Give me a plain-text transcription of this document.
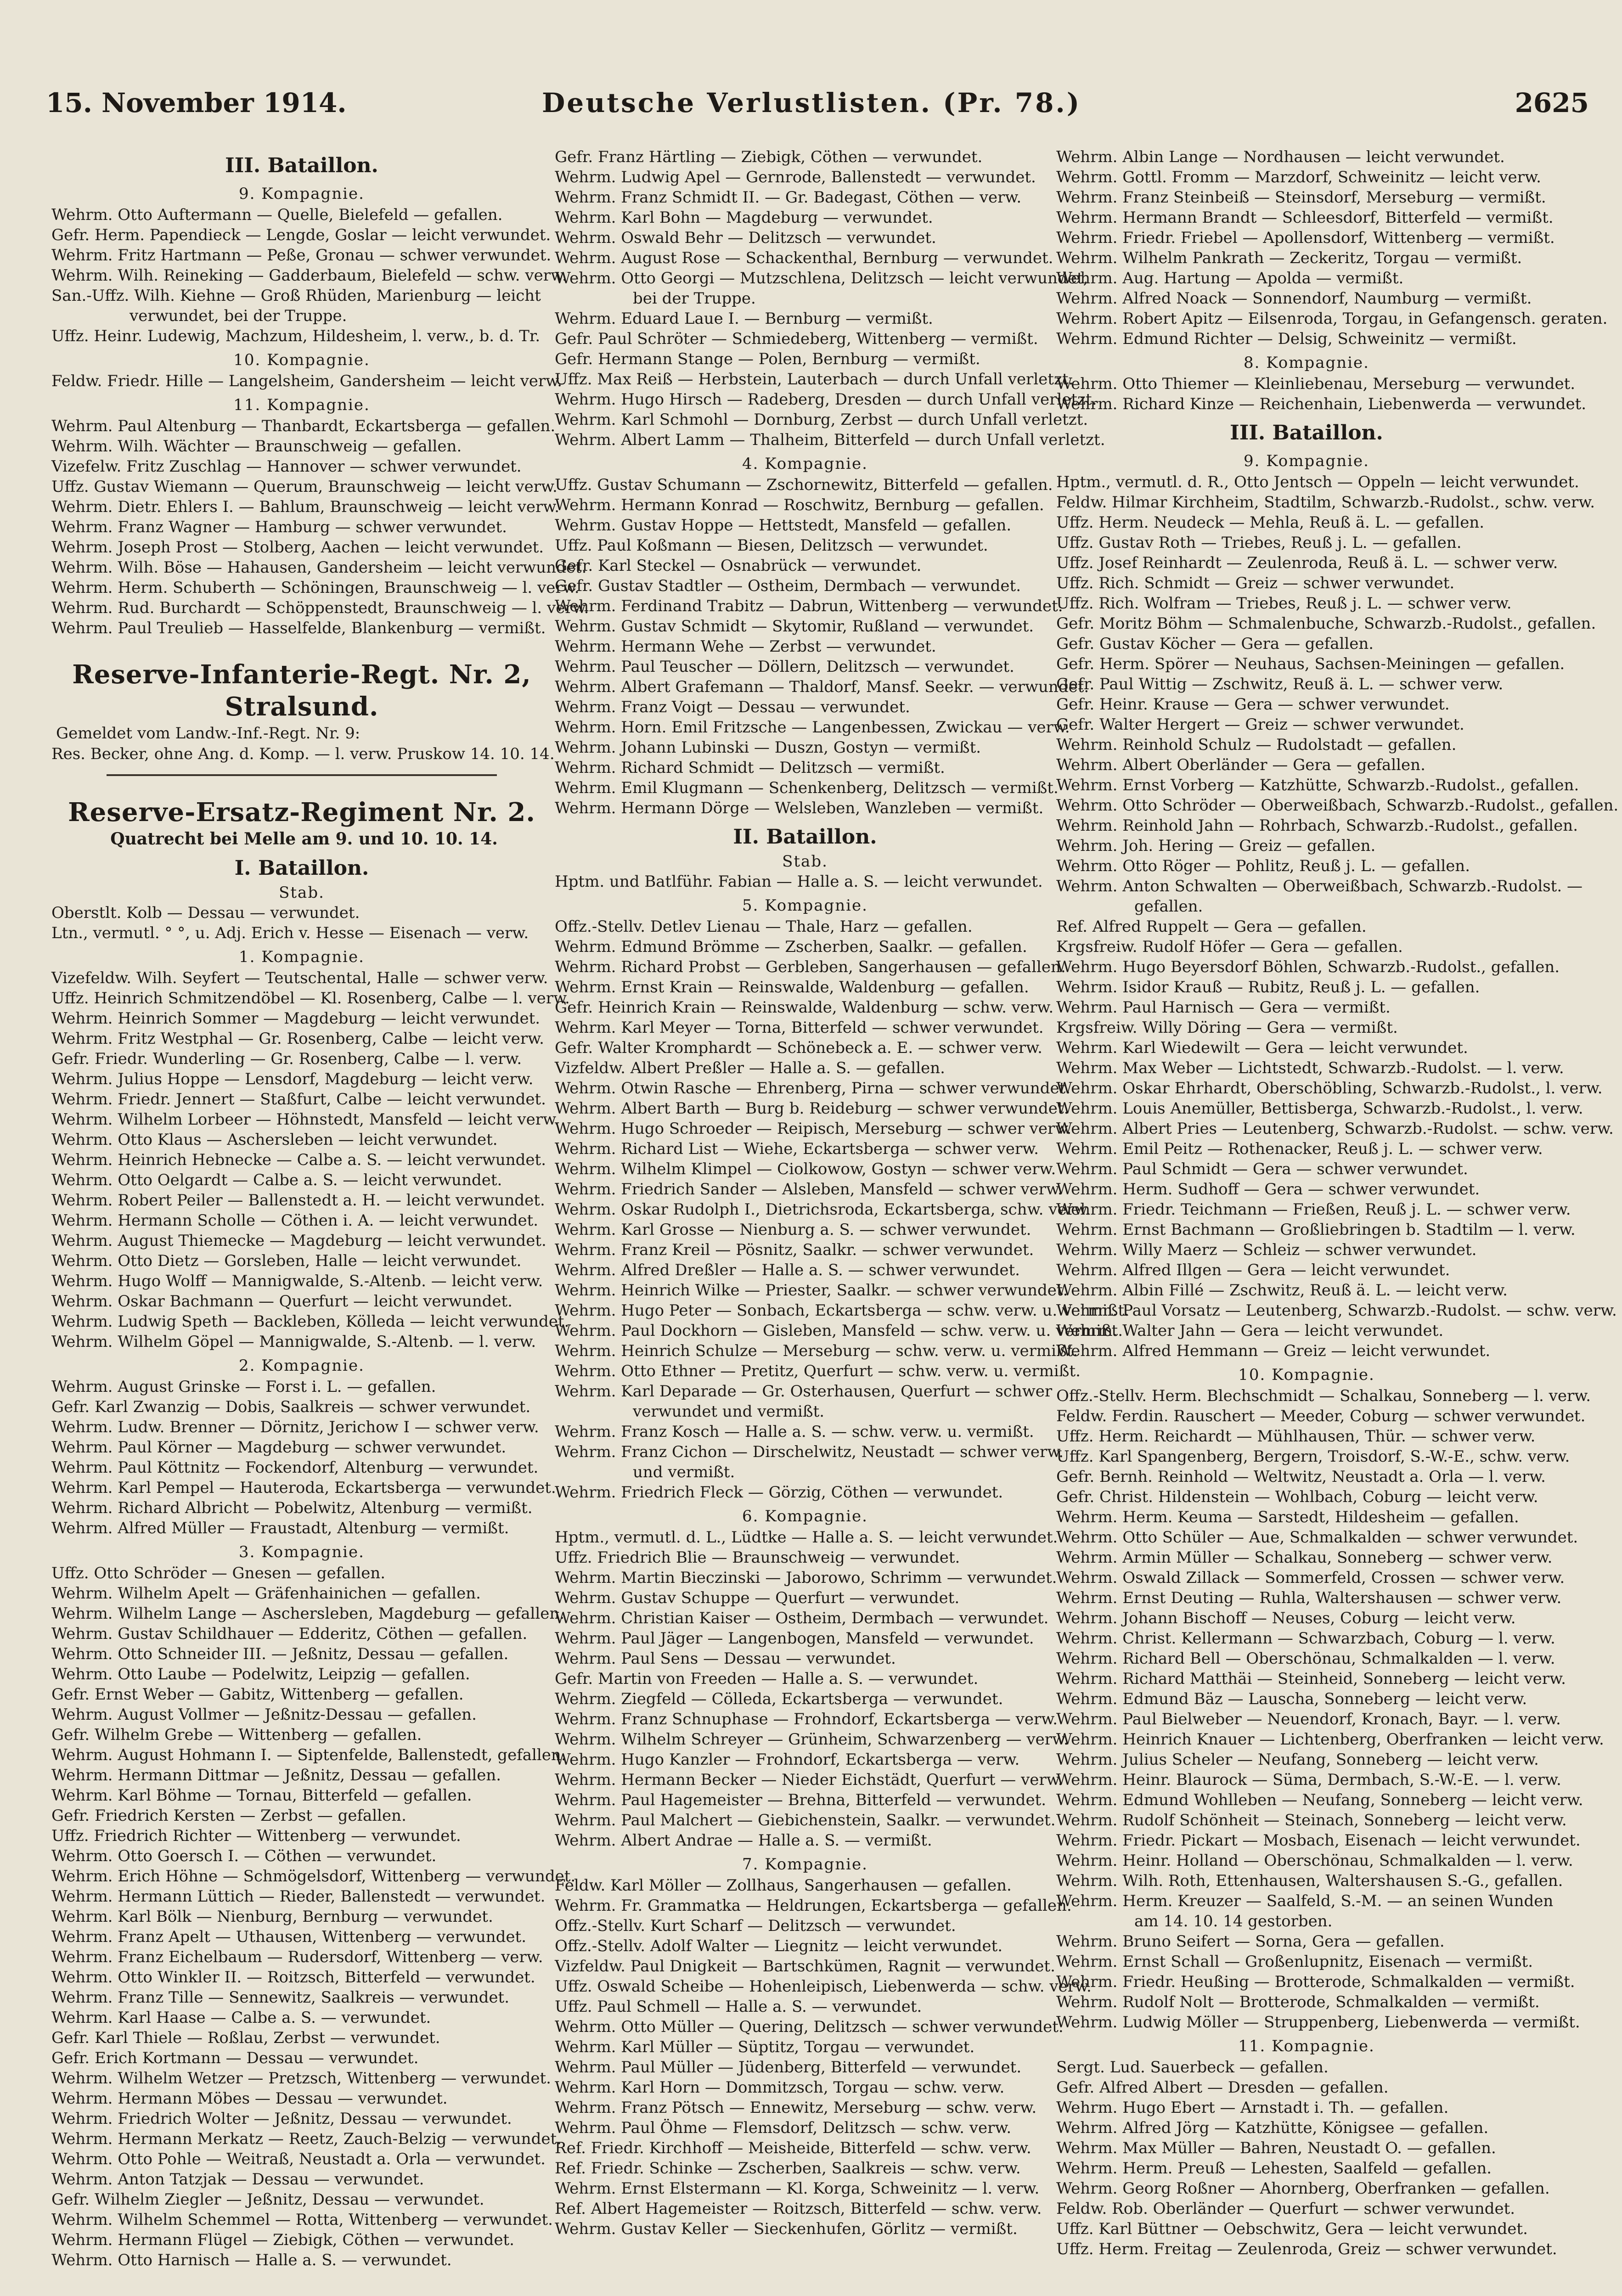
15. November 1914.	Deutsche Verlustlisten. (Pr. 78.)	2625
III. Bataillon.
9. Kompagnie.
Wehrm. Otto Auftermann — Quelle, Bielefeld — gefallen.
Gefr. Herm. Papendieck — Lengde, Goslar — leicht verwundet.
Wehrm. Fritz Hartmann — Peße, Gronau — schwer verwundet.
Wehrm. Wilh. Reineking — Gadderbaum, Bielefeld — schw. verw.
San.-Uffz. Wilh. Kiehne — Groß Rhüden, Marienburg — leicht
verwundet, bei der Truppe.
Uffz. Heinr. Ludewig, Machzum, Hildesheim, l. verw., b. d. Tr.
10. Kompagnie.
Feldw. Friedr. Hille — Langelsheim, Gandersheim — leicht verw.
11. Kompagnie.
Wehrm. Paul Altenburg — Thanbardt, Eckartsberga — gefallen.
Wehrm. Wilh. Wächter — Braunschweig — gefallen.
Vizefelw. Fritz Zuschlag — Hannover — schwer verwundet.
Uffz. Gustav Wiemann — Querum, Braunschweig — leicht verw.
Wehrm. Dietr. Ehlers I. — Bahlum, Braunschweig — leicht verw.
Wehrm. Franz Wagner — Hamburg — schwer verwundet.
Wehrm. Joseph Prost — Stolberg, Aachen — leicht verwundet.
Wehrm. Wilh. Böse — Hahausen, Gandersheim — leicht verwundet.
Wehrm. Herm. Schuberth — Schöningen, Braunschweig — l. verw.
Wehrm. Rud. Burchardt — Schöppenstedt, Braunschweig — l. verw.
Wehrm. Paul Treulieb — Hasselfelde, Blankenburg — vermißt.
Reserve-Infanterie-Regt. Nr. 2, Stralsund.
Gemeldet vom Landw.-Inf.-Regt. Nr. 9:
Res. Becker, ohne Ang. d. Komp. — l. verw. Pruskow 14. 10. 14.
Reserve-Ersatz-Regiment Nr. 2.
Quatrecht bei Melle am 9. und 10. 10. 14.
I. Bataillon.
Stab.
Oberstlt. Kolb — Dessau — verwundet.
Ltn., vermutl. ° °, u. Adj. Erich v. Hesse — Eisenach — verw.
1. Kompagnie.
Vizefeldw. Wilh. Seyfert — Teutschental, Halle — schwer verw.
Uffz. Heinrich Schmitzendöbel — Kl. Rosenberg, Calbe — l. verw.
Wehrm. Heinrich Sommer — Magdeburg — leicht verwundet.
Wehrm. Fritz Westphal — Gr. Rosenberg, Calbe — leicht verw.
Gefr. Friedr. Wunderling — Gr. Rosenberg, Calbe — l. verw.
Wehrm. Julius Hoppe — Lensdorf, Magdeburg — leicht verw.
Wehrm. Friedr. Jennert — Staßfurt, Calbe — leicht verwundet.
Wehrm. Wilhelm Lorbeer — Höhnstedt, Mansfeld — leicht verw.
Wehrm. Otto Klaus — Aschersleben — leicht verwundet.
Wehrm. Heinrich Hebnecke — Calbe a. S. — leicht verwundet.
Wehrm. Otto Oelgardt — Calbe a. S. — leicht verwundet.
Wehrm. Robert Peiler — Ballenstedt a. H. — leicht verwundet.
Wehrm. Hermann Scholle — Cöthen i. A. — leicht verwundet.
Wehrm. August Thiemecke — Magdeburg — leicht verwundet.
Wehrm. Otto Dietz — Gorsleben, Halle — leicht verwundet.
Wehrm. Hugo Wolff — Mannigwalde, S.-Altenb. — leicht verw.
Wehrm. Oskar Bachmann — Querfurt — leicht verwundet.
Wehrm. Ludwig Speth — Backleben, Kölleda — leicht verwundet.
Wehrm. Wilhelm Göpel — Mannigwalde, S.-Altenb. — l. verw.
2. Kompagnie.
Wehrm. August Grinske — Forst i. L. — gefallen.
Gefr. Karl Zwanzig — Dobis, Saalkreis — schwer verwundet.
Wehrm. Ludw. Brenner — Dörnitz, Jerichow I — schwer verw.
Wehrm. Paul Körner — Magdeburg — schwer verwundet.
Wehrm. Paul Köttnitz — Fockendorf, Altenburg — verwundet.
Wehrm. Karl Pempel — Hauteroda, Eckartsberga — verwundet.
Wehrm. Richard Albricht — Pobelwitz, Altenburg — vermißt.
Wehrm. Alfred Müller — Fraustadt, Altenburg — vermißt.
3. Kompagnie.
Uffz. Otto Schröder — Gnesen — gefallen.
Wehrm. Wilhelm Apelt — Gräfenhainichen — gefallen.
Wehrm. Wilhelm Lange — Aschersleben, Magdeburg — gefallen.
Wehrm. Gustav Schildhauer — Edderitz, Cöthen — gefallen.
Wehrm. Otto Schneider III. — Jeßnitz, Dessau — gefallen.
Wehrm. Otto Laube — Podelwitz, Leipzig — gefallen.
Gefr. Ernst Weber — Gabitz, Wittenberg — gefallen.
Wehrm. August Vollmer — Jeßnitz-Dessau — gefallen.
Gefr. Wilhelm Grebe — Wittenberg — gefallen.
Wehrm. August Hohmann I. — Siptenfelde, Ballenstedt, gefallen.
Wehrm. Hermann Dittmar — Jeßnitz, Dessau — gefallen.
Wehrm. Karl Böhme — Tornau, Bitterfeld — gefallen.
Gefr. Friedrich Kersten — Zerbst — gefallen.
Uffz. Friedrich Richter — Wittenberg — verwundet.
Wehrm. Otto Goersch I. — Cöthen — verwundet.
Wehrm. Erich Höhne — Schmögelsdorf, Wittenberg — verwundet.
Wehrm. Hermann Lüttich — Rieder, Ballenstedt — verwundet.
Wehrm. Karl Bölk — Nienburg, Bernburg — verwundet.
Wehrm. Franz Apelt — Uthausen, Wittenberg — verwundet.
Wehrm. Franz Eichelbaum — Rudersdorf, Wittenberg — verw.
Wehrm. Otto Winkler II. — Roitzsch, Bitterfeld — verwundet.
Wehrm. Franz Tille — Sennewitz, Saalkreis — verwundet.
Wehrm. Karl Haase — Calbe a. S. — verwundet.
Gefr. Karl Thiele — Roßlau, Zerbst — verwundet.
Gefr. Erich Kortmann — Dessau — verwundet.
Wehrm. Wilhelm Wetzer — Pretzsch, Wittenberg — verwundet.
Wehrm. Hermann Möbes — Dessau — verwundet.
Wehrm. Friedrich Wolter — Jeßnitz, Dessau — verwundet.
Wehrm. Hermann Merkatz — Reetz, Zauch-Belzig — verwundet.
Wehrm. Otto Pohle — Weitraß, Neustadt a. Orla — verwundet.
Wehrm. Anton Tatzjak — Dessau — verwundet.
Gefr. Wilhelm Ziegler — Jeßnitz, Dessau — verwundet.
Wehrm. Wilhelm Schemmel — Rotta, Wittenberg — verwundet.
Wehrm. Hermann Flügel — Ziebigk, Cöthen — verwundet.
Wehrm. Otto Harnisch — Halle a. S. — verwundet.
Gefr. Franz Härtling — Ziebigk, Cöthen — verwundet.
Wehrm. Ludwig Apel — Gernrode, Ballenstedt — verwundet.
Wehrm. Franz Schmidt II. — Gr. Badegast, Cöthen — verw.
Wehrm. Karl Bohn — Magdeburg — verwundet.
Wehrm. Oswald Behr — Delitzsch — verwundet.
Wehrm. August Rose — Schackenthal, Bernburg — verwundet.
Wehrm. Otto Georgi — Mutzschlena, Delitzsch — leicht verwundet,
bei der Truppe.
Wehrm. Eduard Laue I. — Bernburg — vermißt.
Gefr. Paul Schröter — Schmiedeberg, Wittenberg — vermißt.
Gefr. Hermann Stange — Polen, Bernburg — vermißt.
Uffz. Max Reiß — Herbstein, Lauterbach — durch Unfall verletzt.
Wehrm. Hugo Hirsch — Radeberg, Dresden — durch Unfall verletzt.
Wehrm. Karl Schmohl — Dornburg, Zerbst — durch Unfall verletzt.
Wehrm. Albert Lamm — Thalheim, Bitterfeld — durch Unfall verletzt.
4. Kompagnie.
Uffz. Gustav Schumann — Zschornewitz, Bitterfeld — gefallen.
Wehrm. Hermann Konrad — Roschwitz, Bernburg — gefallen.
Wehrm. Gustav Hoppe — Hettstedt, Mansfeld — gefallen.
Uffz. Paul Koßmann — Biesen, Delitzsch — verwundet.
Gefr. Karl Steckel — Osnabrück — verwundet.
Gefr. Gustav Stadtler — Ostheim, Dermbach — verwundet.
Wehrm. Ferdinand Trabitz — Dabrun, Wittenberg — verwundet.
Wehrm. Gustav Schmidt — Skytomir, Rußland — verwundet.
Wehrm. Hermann Wehe — Zerbst — verwundet.
Wehrm. Paul Teuscher — Döllern, Delitzsch — verwundet.
Wehrm. Albert Grafemann — Thaldorf, Mansf. Seekr. — verwundet.
Wehrm. Franz Voigt — Dessau — verwundet.
Wehrm. Horn. Emil Fritzsche — Langenbessen, Zwickau — verw.
Wehrm. Johann Lubinski — Duszn, Gostyn — vermißt.
Wehrm. Richard Schmidt — Delitzsch — vermißt.
Wehrm. Emil Klugmann — Schenkenberg, Delitzsch — vermißt.
Wehrm. Hermann Dörge — Welsleben, Wanzleben — vermißt.
II. Bataillon.
Stab.
Hptm. und Batlführ. Fabian — Halle a. S. — leicht verwundet.
5. Kompagnie.
Offz.-Stellv. Detlev Lienau — Thale, Harz — gefallen.
Wehrm. Edmund Brömme — Zscherben, Saalkr. — gefallen.
Wehrm. Richard Probst — Gerbleben, Sangerhausen — gefallen.
Wehrm. Ernst Krain — Reinswalde, Waldenburg — gefallen.
Gefr. Heinrich Krain — Reinswalde, Waldenburg — schw. verw.
Wehrm. Karl Meyer — Torna, Bitterfeld — schwer verwundet.
Gefr. Walter Kromphardt — Schönebeck a. E. — schwer verw.
Vizfeldw. Albert Preßler — Halle a. S. — gefallen.
Wehrm. Otwin Rasche — Ehrenberg, Pirna — schwer verwundet.
Wehrm. Albert Barth — Burg b. Reideburg — schwer verwundet.
Wehrm. Hugo Schroeder — Reipisch, Merseburg — schwer verw.
Wehrm. Richard List — Wiehe, Eckartsberga — schwer verw.
Wehrm. Wilhelm Klimpel — Ciolkowow, Gostyn — schwer verw.
Wehrm. Friedrich Sander — Alsleben, Mansfeld — schwer verw.
Wehrm. Oskar Rudolph I., Dietrichsroda, Eckartsberga, schw. verw.
Wehrm. Karl Grosse — Nienburg a. S. — schwer verwundet.
Wehrm. Franz Kreil — Pösnitz, Saalkr. — schwer verwundet.
Wehrm. Alfred Dreßler — Halle a. S. — schwer verwundet.
Wehrm. Heinrich Wilke — Priester, Saalkr. — schwer verwundet.
Wehrm. Hugo Peter — Sonbach, Eckartsberga — schw. verw. u. vermißt.
Wehrm. Paul Dockhorn — Gisleben, Mansfeld — schw. verw. u. vermißt.
Wehrm. Heinrich Schulze — Merseburg — schw. verw. u. vermißt.
Wehrm. Otto Ethner — Pretitz, Querfurt — schw. verw. u. vermißt.
Wehrm. Karl Deparade — Gr. Osterhausen, Querfurt — schwer
verwundet und vermißt.
Wehrm. Franz Kosch — Halle a. S. — schw. verw. u. vermißt.
Wehrm. Franz Cichon — Dirschelwitz, Neustadt — schwer verw.
und vermißt.
Wehrm. Friedrich Fleck — Görzig, Cöthen — verwundet.
6. Kompagnie.
Hptm., vermutl. d. L., Lüdtke — Halle a. S. — leicht verwundet.
Uffz. Friedrich Blie — Braunschweig — verwundet.
Wehrm. Martin Bieczinski — Jaborowo, Schrimm — verwundet.
Wehrm. Gustav Schuppe — Querfurt — verwundet.
Wehrm. Christian Kaiser — Ostheim, Dermbach — verwundet.
Wehrm. Paul Jäger — Langenbogen, Mansfeld — verwundet.
Wehrm. Paul Sens — Dessau — verwundet.
Gefr. Martin von Freeden — Halle a. S. — verwundet.
Wehrm. Ziegfeld — Cölleda, Eckartsberga — verwundet.
Wehrm. Franz Schnuphase — Frohndorf, Eckartsberga — verw.
Wehrm. Wilhelm Schreyer — Grünheim, Schwarzenberg — verw.
Wehrm. Hugo Kanzler — Frohndorf, Eckartsberga — verw.
Wehrm. Hermann Becker — Nieder Eichstädt, Querfurt — verw.
Wehrm. Paul Hagemeister — Brehna, Bitterfeld — verwundet.
Wehrm. Paul Malchert — Giebichenstein, Saalkr. — verwundet.
Wehrm. Albert Andrae — Halle a. S. — vermißt.
7. Kompagnie.
Feldw. Karl Möller — Zollhaus, Sangerhausen — gefallen.
Wehrm. Fr. Grammatka — Heldrungen, Eckartsberga — gefallen.
Offz.-Stellv. Kurt Scharf — Delitzsch — verwundet.
Offz.-Stellv. Adolf Walter — Liegnitz — leicht verwundet.
Vizfeldw. Paul Dnigkeit — Bartschkümen, Ragnit — verwundet.
Uffz. Oswald Scheibe — Hohenleipisch, Liebenwerda — schw. verw.
Uffz. Paul Schmell — Halle a. S. — verwundet.
Wehrm. Otto Müller — Quering, Delitzsch — schwer verwundet.
Wehrm. Karl Müller — Süptitz, Torgau — verwundet.
Wehrm. Paul Müller — Jüdenberg, Bitterfeld — verwundet.
Wehrm. Karl Horn — Dommitzsch, Torgau — schw. verw.
Wehrm. Franz Pötsch — Ennewitz, Merseburg — schw. verw.
Wehrm. Paul Öhme — Flemsdorf, Delitzsch — schw. verw.
Ref. Friedr. Kirchhoff — Meisheide, Bitterfeld — schw. verw.
Ref. Friedr. Schinke — Zscherben, Saalkreis — schw. verw.
Wehrm. Ernst Elstermann — Kl. Korga, Schweinitz — l. verw.
Ref. Albert Hagemeister — Roitzsch, Bitterfeld — schw. verw.
Wehrm. Gustav Keller — Sieckenhufen, Görlitz — vermißt.
Wehrm. Albin Lange — Nordhausen — leicht verwundet.
Wehrm. Gottl. Fromm — Marzdorf, Schweinitz — leicht verw.
Wehrm. Franz Steinbeiß — Steinsdorf, Merseburg — vermißt.
Wehrm. Hermann Brandt — Schleesdorf, Bitterfeld — vermißt.
Wehrm. Friedr. Friebel — Apollensdorf, Wittenberg — vermißt.
Wehrm. Wilhelm Pankrath — Zeckeritz, Torgau — vermißt.
Wehrm. Aug. Hartung — Apolda — vermißt.
Wehrm. Alfred Noack — Sonnendorf, Naumburg — vermißt.
Wehrm. Robert Apitz — Eilsenroda, Torgau, in Gefangensch. geraten.
Wehrm. Edmund Richter — Delsig, Schweinitz — vermißt.
8. Kompagnie.
Wehrm. Otto Thiemer — Kleinliebenau, Merseburg — verwundet.
Wehrm. Richard Kinze — Reichenhain, Liebenwerda — verwundet.
III. Bataillon.
9. Kompagnie.
Hptm., vermutl. d. R., Otto Jentsch — Oppeln — leicht verwundet.
Feldw. Hilmar Kirchheim, Stadtilm, Schwarzb.-Rudolst., schw. verw.
Uffz. Herm. Neudeck — Mehla, Reuß ä. L. — gefallen.
Uffz. Gustav Roth — Triebes, Reuß j. L. — gefallen.
Uffz. Josef Reinhardt — Zeulenroda, Reuß ä. L. — schwer verw.
Uffz. Rich. Schmidt — Greiz — schwer verwundet.
Uffz. Rich. Wolfram — Triebes, Reuß j. L. — schwer verw.
Gefr. Moritz Böhm — Schmalenbuche, Schwarzb.-Rudolst., gefallen.
Gefr. Gustav Köcher — Gera — gefallen.
Gefr. Herm. Spörer — Neuhaus, Sachsen-Meiningen — gefallen.
Gefr. Paul Wittig — Zschwitz, Reuß ä. L. — schwer verw.
Gefr. Heinr. Krause — Gera — schwer verwundet.
Gefr. Walter Hergert — Greiz — schwer verwundet.
Wehrm. Reinhold Schulz — Rudolstadt — gefallen.
Wehrm. Albert Oberländer — Gera — gefallen.
Wehrm. Ernst Vorberg — Katzhütte, Schwarzb.-Rudolst., gefallen.
Wehrm. Otto Schröder — Oberweißbach, Schwarzb.-Rudolst., gefallen.
Wehrm. Reinhold Jahn — Rohrbach, Schwarzb.-Rudolst., gefallen.
Wehrm. Joh. Hering — Greiz — gefallen.
Wehrm. Otto Röger — Pohlitz, Reuß j. L. — gefallen.
Wehrm. Anton Schwalten — Oberweißbach, Schwarzb.-Rudolst. —
gefallen.
Ref. Alfred Ruppelt — Gera — gefallen.
Krgsfreiw. Rudolf Höfer — Gera — gefallen.
Wehrm. Hugo Beyersdorf Böhlen, Schwarzb.-Rudolst., gefallen.
Wehrm. Isidor Krauß — Rubitz, Reuß j. L. — gefallen.
Wehrm. Paul Harnisch — Gera — vermißt.
Krgsfreiw. Willy Döring — Gera — vermißt.
Wehrm. Karl Wiedewilt — Gera — leicht verwundet.
Wehrm. Max Weber — Lichtstedt, Schwarzb.-Rudolst. — l. verw.
Wehrm. Oskar Ehrhardt, Oberschöbling, Schwarzb.-Rudolst., l. verw.
Wehrm. Louis Anemüller, Bettisberga, Schwarzb.-Rudolst., l. verw.
Wehrm. Albert Pries — Leutenberg, Schwarzb.-Rudolst. — schw. verw.
Wehrm. Emil Peitz — Rothenacker, Reuß j. L. — schwer verw.
Wehrm. Paul Schmidt — Gera — schwer verwundet.
Wehrm. Herm. Sudhoff — Gera — schwer verwundet.
Wehrm. Friedr. Teichmann — Frießen, Reuß j. L. — schwer verw.
Wehrm. Ernst Bachmann — Großliebringen b. Stadtilm — l. verw.
Wehrm. Willy Maerz — Schleiz — schwer verwundet.
Wehrm. Alfred Illgen — Gera — leicht verwundet.
Wehrm. Albin Fillé — Zschwitz, Reuß ä. L. — leicht verw.
Wehrm. Paul Vorsatz — Leutenberg, Schwarzb.-Rudolst. — schw. verw.
Wehrm. Walter Jahn — Gera — leicht verwundet.
Wehrm. Alfred Hemmann — Greiz — leicht verwundet.
10. Kompagnie.
Offz.-Stellv. Herm. Blechschmidt — Schalkau, Sonneberg — l. verw.
Feldw. Ferdin. Rauschert — Meeder, Coburg — schwer verwundet.
Uffz. Herm. Reichardt — Mühlhausen, Thür. — schwer verw.
Uffz. Karl Spangenberg, Bergern, Troisdorf, S.-W.-E., schw. verw.
Gefr. Bernh. Reinhold — Weltwitz, Neustadt a. Orla — l. verw.
Gefr. Christ. Hildenstein — Wohlbach, Coburg — leicht verw.
Wehrm. Herm. Keuma — Sarstedt, Hildesheim — gefallen.
Wehrm. Otto Schüler — Aue, Schmalkalden — schwer verwundet.
Wehrm. Armin Müller — Schalkau, Sonneberg — schwer verw.
Wehrm. Oswald Zillack — Sommerfeld, Crossen — schwer verw.
Wehrm. Ernst Deuting — Ruhla, Waltershausen — schwer verw.
Wehrm. Johann Bischoff — Neuses, Coburg — leicht verw.
Wehrm. Christ. Kellermann — Schwarzbach, Coburg — l. verw.
Wehrm. Richard Bell — Oberschönau, Schmalkalden — l. verw.
Wehrm. Richard Matthäi — Steinheid, Sonneberg — leicht verw.
Wehrm. Edmund Bäz — Lauscha, Sonneberg — leicht verw.
Wehrm. Paul Bielweber — Neuendorf, Kronach, Bayr. — l. verw.
Wehrm. Heinrich Knauer — Lichtenberg, Oberfranken — leicht verw.
Wehrm. Julius Scheler — Neufang, Sonneberg — leicht verw.
Wehrm. Heinr. Blaurock — Sümа, Dermbach, S.-W.-E. — l. verw.
Wehrm. Edmund Wohlleben — Neufang, Sonneberg — leicht verw.
Wehrm. Rudolf Schönheit — Steinach, Sonneberg — leicht verw.
Wehrm. Friedr. Pickart — Mosbach, Eisenach — leicht verwundet.
Wehrm. Heinr. Holland — Oberschönau, Schmalkalden — l. verw.
Wehrm. Wilh. Roth, Ettenhausen, Waltershausen S.-G., gefallen.
Wehrm. Herm. Kreuzer — Saalfeld, S.-M. — an seinen Wunden
am 14. 10. 14 gestorben.
Wehrm. Bruno Seifert — Sorna, Gera — gefallen.
Wehrm. Ernst Schall — Großenlupnitz, Eisenach — vermißt.
Wehrm. Friedr. Heußing — Brotterode, Schmalkalden — vermißt.
Wehrm. Rudolf Nolt — Brotterode, Schmalkalden — vermißt.
Wehrm. Ludwig Möller — Struppenberg, Liebenwerda — vermißt.
11. Kompagnie.
Sergt. Lud. Sauerbeck — gefallen.
Gefr. Alfred Albert — Dresden — gefallen.
Wehrm. Hugo Ebert — Arnstadt i. Th. — gefallen.
Wehrm. Alfred Jörg — Katzhütte, Königsee — gefallen.
Wehrm. Max Müller — Bahren, Neustadt O. — gefallen.
Wehrm. Herm. Preuß — Lehesten, Saalfeld — gefallen.
Wehrm. Georg Roßner — Ahornberg, Oberfranken — gefallen.
Feldw. Rob. Oberländer — Querfurt — schwer verwundet.
Uffz. Karl Büttner — Oebschwitz, Gera — leicht verwundet.
Uffz. Herm. Freitag — Zeulenroda, Greiz — schwer verwundet.
